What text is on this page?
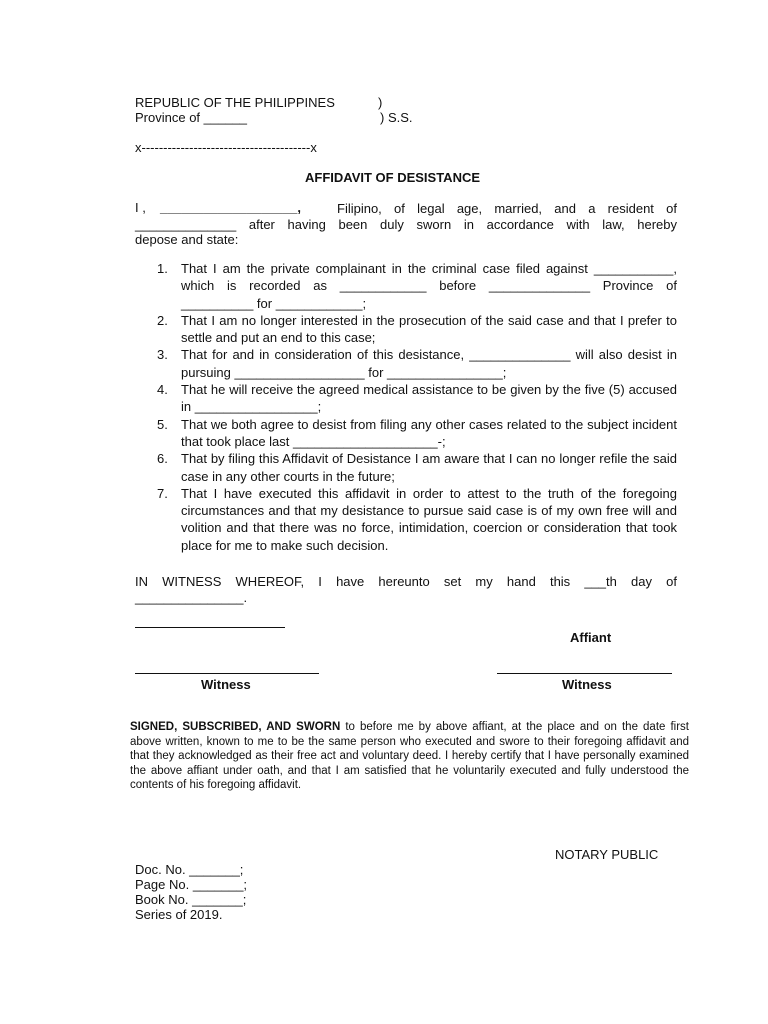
REPUBLIC OF THE PHILIPPINES	)
Province of ______	) S.S.
x---------------------------------------x
AFFIDAVIT OF DESISTANCE
I , ___________________,	Filipino, of legal age, married, and a resident of
______________ after having been duly sworn in accordance with law, hereby
depose and state:
1.	That I am the private complainant in the criminal case filed against ___________, which is recorded as ____________ before ______________ Province of __________ for ____________;
2.	That I am no longer interested in the prosecution of the said case and that I prefer to settle and put an end to this case;
3.	That for and in consideration of this desistance, ______________ will also desist in pursuing __________________ for ________________;
4.	That he will receive the agreed medical assistance to be given by the five (5) accused in _________________;
5.	That we both agree to desist from filing any other cases related to the subject incident that took place last ____________________-;
6.	That by filing this Affidavit of Desistance I am aware that I can no longer refile the said case in any other courts in the future;
7.	That I have executed this affidavit in order to attest to the truth of the foregoing circumstances and that my desistance to pursue said case is of my own free will and volition and that there was no force, intimidation, coercion or consideration that took place for me to make such decision.
IN WITNESS WHEREOF, I have hereunto set my hand this ___th day of
_______________.
Affiant
Witness	Witness
SIGNED, SUBSCRIBED, AND SWORN to before me by above affiant, at the place and on the date first above written, known to me to be the same person who executed and swore to their foregoing affidavit and that they acknowledged as their free act and voluntary deed. I hereby certify that I have personally examined the above affiant under oath, and that I am satisfied that he voluntarily executed and fully understood the contents of his foregoing affidavit.
NOTARY PUBLIC
Doc. No. _______;
Page No. _______;
Book No. _______;
Series of 2019.
